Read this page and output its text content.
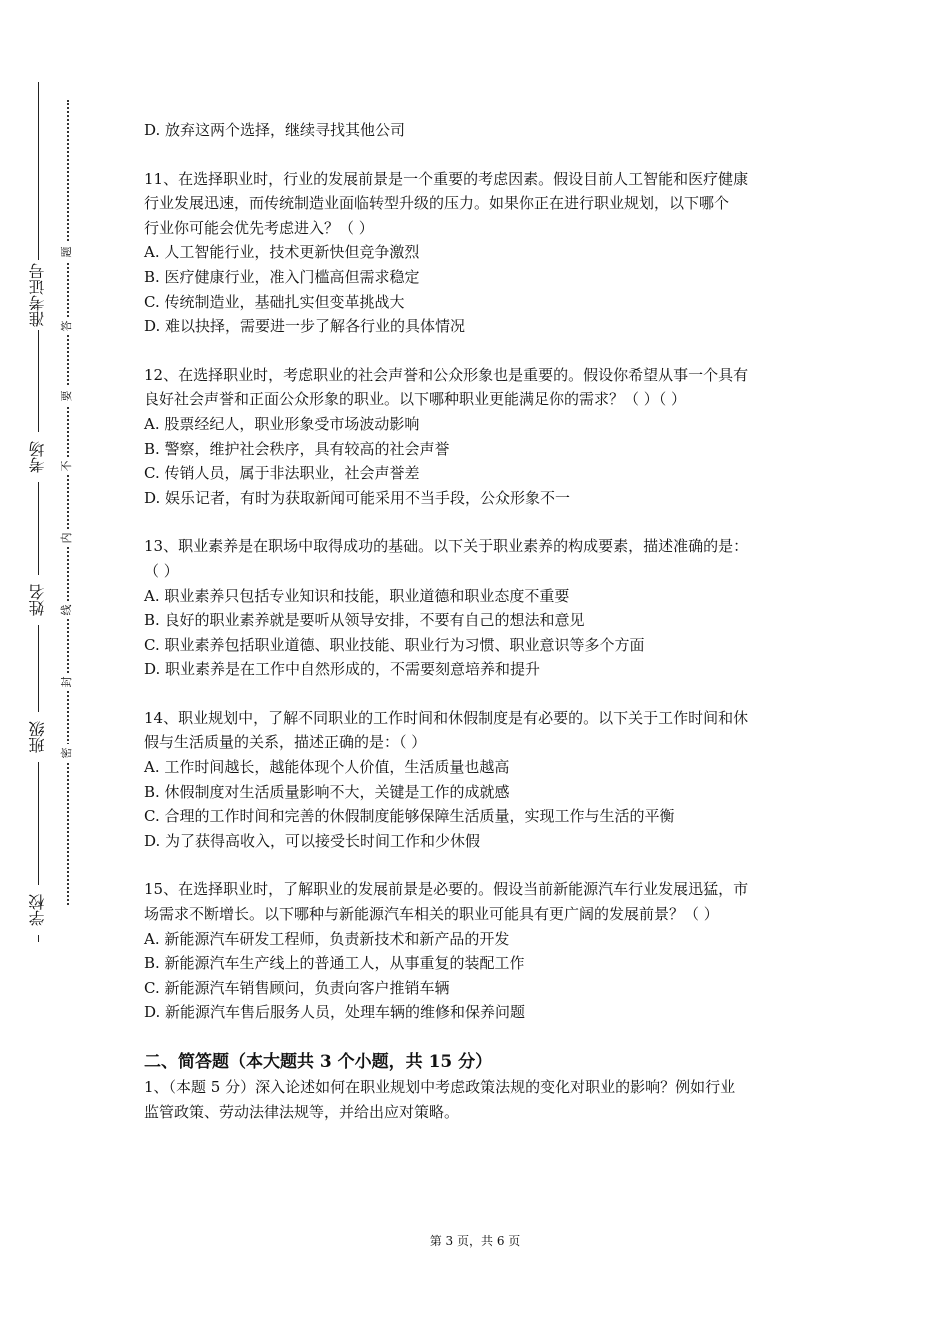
准考证号
考场
姓名
班级
学校
题
答
要
不
内
线
封
密
D. 放弃这两个选择，继续寻找其他公司
11、在选择职业时，行业的发展前景是一个重要的考虑因素。假设目前人工智能和医疗健康
行业发展迅速，而传统制造业面临转型升级的压力。如果你正在进行职业规划，以下哪个
行业你可能会优先考虑进入？（ ）
A. 人工智能行业，技术更新快但竞争激烈
B. 医疗健康行业，准入门槛高但需求稳定
C. 传统制造业，基础扎实但变革挑战大
D. 难以抉择，需要进一步了解各行业的具体情况
12、在选择职业时，考虑职业的社会声誉和公众形象也是重要的。假设你希望从事一个具有
良好社会声誉和正面公众形象的职业。以下哪种职业更能满足你的需求？（ ）（ ）
A. 股票经纪人，职业形象受市场波动影响
B. 警察，维护社会秩序，具有较高的社会声誉
C. 传销人员，属于非法职业，社会声誉差
D. 娱乐记者，有时为获取新闻可能采用不当手段，公众形象不一
13、职业素养是在职场中取得成功的基础。以下关于职业素养的构成要素，描述准确的是：
（ ）
A. 职业素养只包括专业知识和技能，职业道德和职业态度不重要
B. 良好的职业素养就是要听从领导安排，不要有自己的想法和意见
C. 职业素养包括职业道德、职业技能、职业行为习惯、职业意识等多个方面
D. 职业素养是在工作中自然形成的，不需要刻意培养和提升
14、职业规划中，了解不同职业的工作时间和休假制度是有必要的。以下关于工作时间和休
假与生活质量的关系，描述正确的是：（ ）
A. 工作时间越长，越能体现个人价值，生活质量也越高
B. 休假制度对生活质量影响不大，关键是工作的成就感
C. 合理的工作时间和完善的休假制度能够保障生活质量，实现工作与生活的平衡
D. 为了获得高收入，可以接受长时间工作和少休假
15、在选择职业时，了解职业的发展前景是必要的。假设当前新能源汽车行业发展迅猛，市
场需求不断增长。以下哪种与新能源汽车相关的职业可能具有更广阔的发展前景？（ ）
A. 新能源汽车研发工程师，负责新技术和新产品的开发
B. 新能源汽车生产线上的普通工人，从事重复的装配工作
C. 新能源汽车销售顾问，负责向客户推销车辆
D. 新能源汽车售后服务人员，处理车辆的维修和保养问题
二、简答题（本大题共 3 个小题，共 15 分）
1、（本题 5 分）深入论述如何在职业规划中考虑政策法规的变化对职业的影响？例如行业
监管政策、劳动法律法规等，并给出应对策略。
第 3 页，共 6 页
